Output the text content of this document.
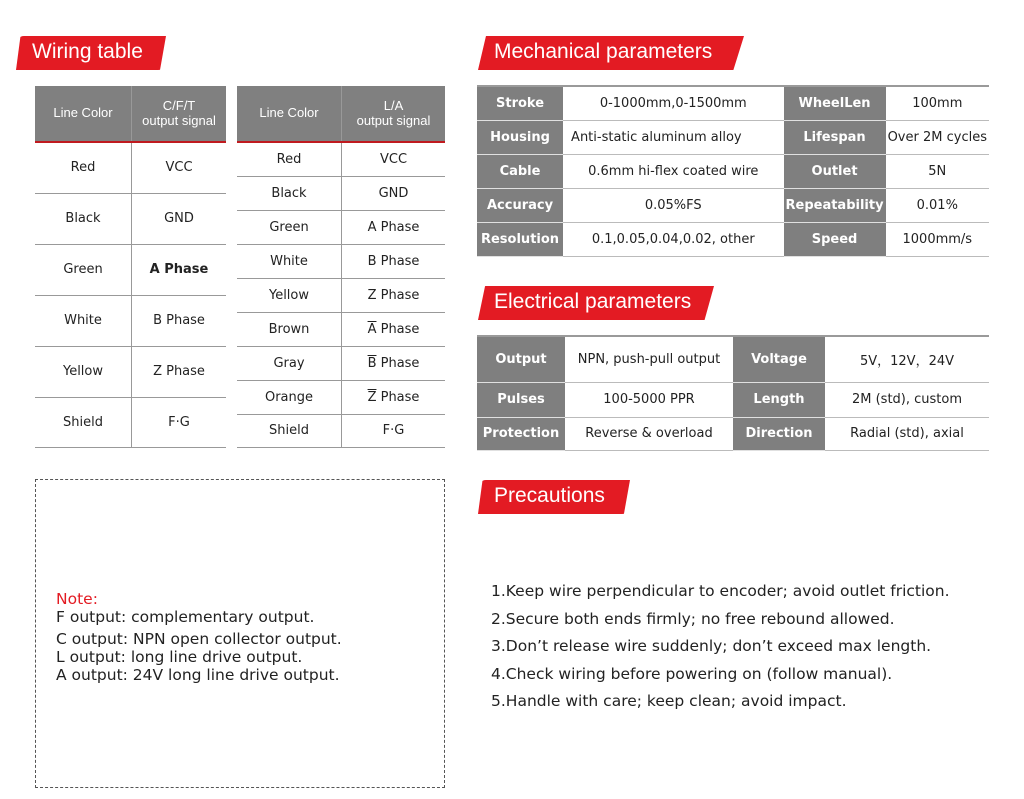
Wiring table	Mechanical parameters
Electrical parameters
Precautions
Line Color	C/F/T
output signal
Red	VCC
Black	GND
Green	A Phase
White	B Phase
Yellow	Z Phase
Shield	F·G
Line Color	L/A
output signal
Red	VCC
Black	GND
Green	A Phase
White	B Phase
Yellow	Z Phase
Brown	$\overline{A}$ Phase
Gray	$\overline{B}$ Phase
Orange	$\overline{Z}$ Phase
Shield	F·G
Stroke	0-1000mm,0-1500mm	WheelLen	100mm
Housing	Anti-static aluminum alloy	Lifespan	Over 2M cycles
Cable	0.6mm hi-flex coated wire	Outlet	5N
Accuracy	0.05%FS	Repeatability	0.01%
Resolution	0.1,0.05,0.04,0.02, other	Speed	1000mm/s
Output	NPN, push-pull output	Voltage	5V，12V，24V
Pulses	100-5000 PPR	Length	2M (std), custom
Protection	Reverse & overload	Direction	Radial (std), axial
Note:
F output: complementary output.
C output: NPN open collector output.
L output: long line drive output.
A output: 24V long line drive output.
1.Keep wire perpendicular to encoder; avoid outlet friction.
2.Secure both ends firmly; no free rebound allowed.
3.Don’t release wire suddenly; don’t exceed max length.
4.Check wiring before powering on (follow manual).
5.Handle with care; keep clean; avoid impact.
